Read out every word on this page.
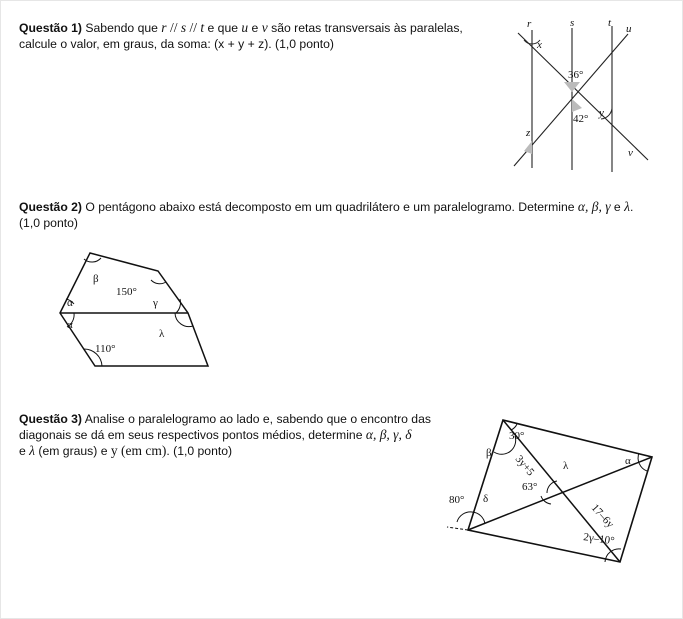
Questão 1) Sabendo que r // s // t e que u e v são retas transversais às paralelas,
calcule o valor, em graus, da soma: (x + y + z). (1,0 ponto)
r	s	t u
x
36°
42° y
z
v
Questão 2) O pentágono abaixo está decomposto em um quadrilátero e um paralelogramo. Determine α, β, γ e λ.
(1,0 ponto)
β
150°
α	γ
α
λ
110°
Questão 3) Analise o paralelogramo ao lado e, sabendo que o encontro das
diagonais se dá em seus respectivos pontos médios, determine α, β, γ, δ
e λ (em graus) e y (em cm). (1,0 ponto)
30°
β
3y+5 λ	α
63°
80° δ
17–6y
2γ–10°
